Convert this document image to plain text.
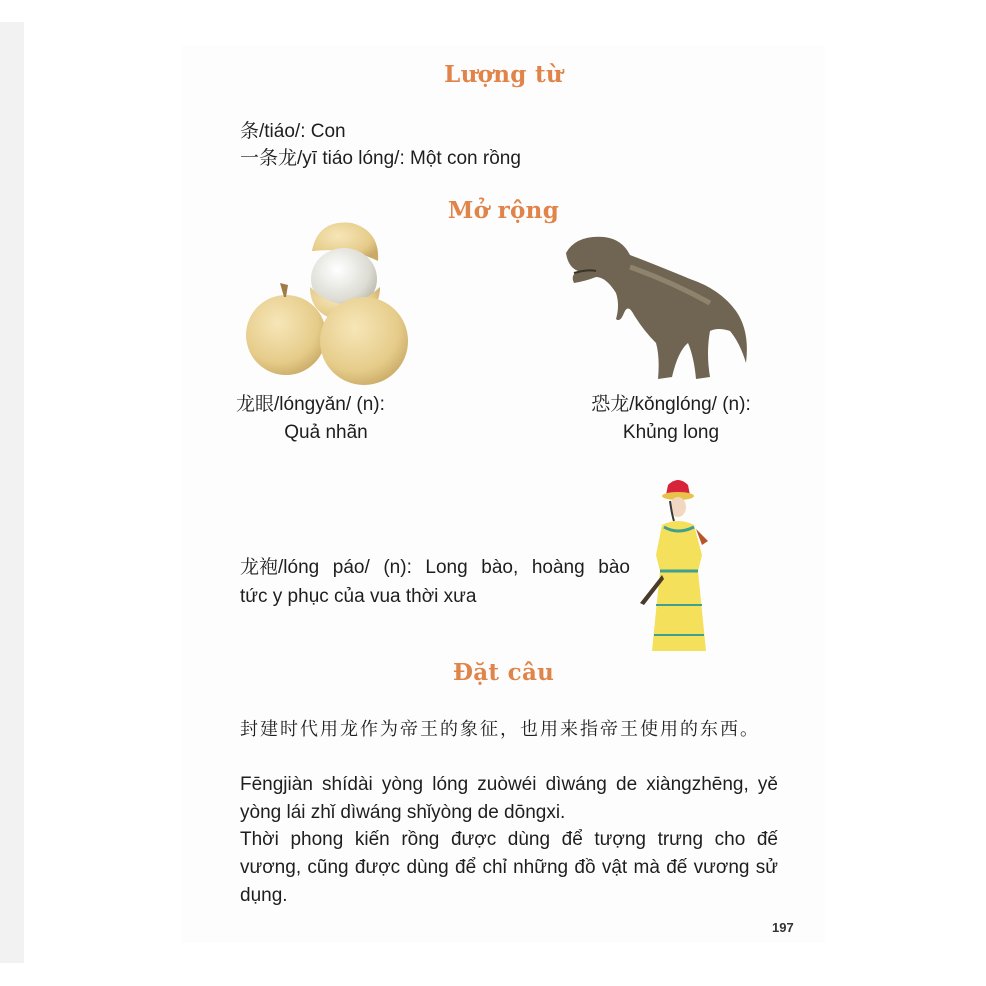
Lượng từ
条/tiáo/: Con
一条龙/yī tiáo lóng/: Một con rồng
Mở rộng
龙眼/lóngyǎn/ (n):
Quả nhãn
恐龙/kǒnglóng/ (n):
Khủng long
龙袍/lóng páo/ (n): Long bào, hoàng bào
tức y phục của vua thời xưa
Đặt câu
封建时代用龙作为帝王的象征，也用来指帝王使用的东西。
Fēngjiàn shídài yòng lóng zuòwéi dìwáng de xiàngzhēng, yě yòng lái zhǐ dìwáng shǐyòng de dōngxi.
Thời phong kiến rồng được dùng để tượng trưng cho đế vương, cũng được dùng để chỉ những đồ vật mà đế vương sử dụng.
197
